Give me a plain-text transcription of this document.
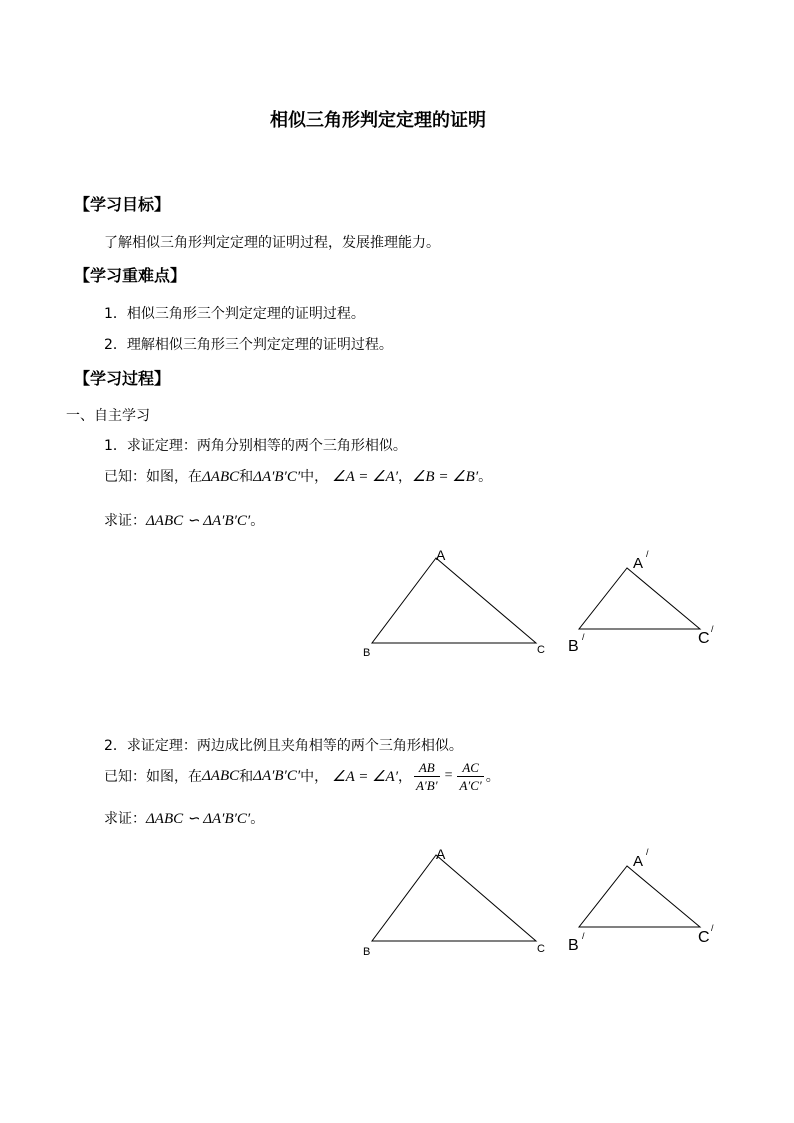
相似三角形判定定理的证明
【学习目标】
了解相似三角形判定定理的证明过程，发展推理能力。
【学习重难点】
1．相似三角形三个判定定理的证明过程。
2．理解相似三角形三个判定定理的证明过程。
【学习过程】
一、自主学习
1．求证定理：两角分别相等的两个三角形相似。
已知：如图，在ΔABC和ΔA′B′C′中， ∠A = ∠A′，∠B = ∠B′。
求证：ΔABC ∽ ΔA′B′C′。
A
B	C
A
/
B
/	C
/
2．求证定理：两边成比例且夹角相等的两个三角形相似。
已知：如图，在 ΔABC 和 ΔA′B′C′ 中， ∠A = ∠A′ ， $\frac{AB}{A'B'} = \frac{AC}{A'C'}$ 。
求证：ΔABC ∽ ΔA′B′C′。
A
B	C
A
/
B
/	C
/
